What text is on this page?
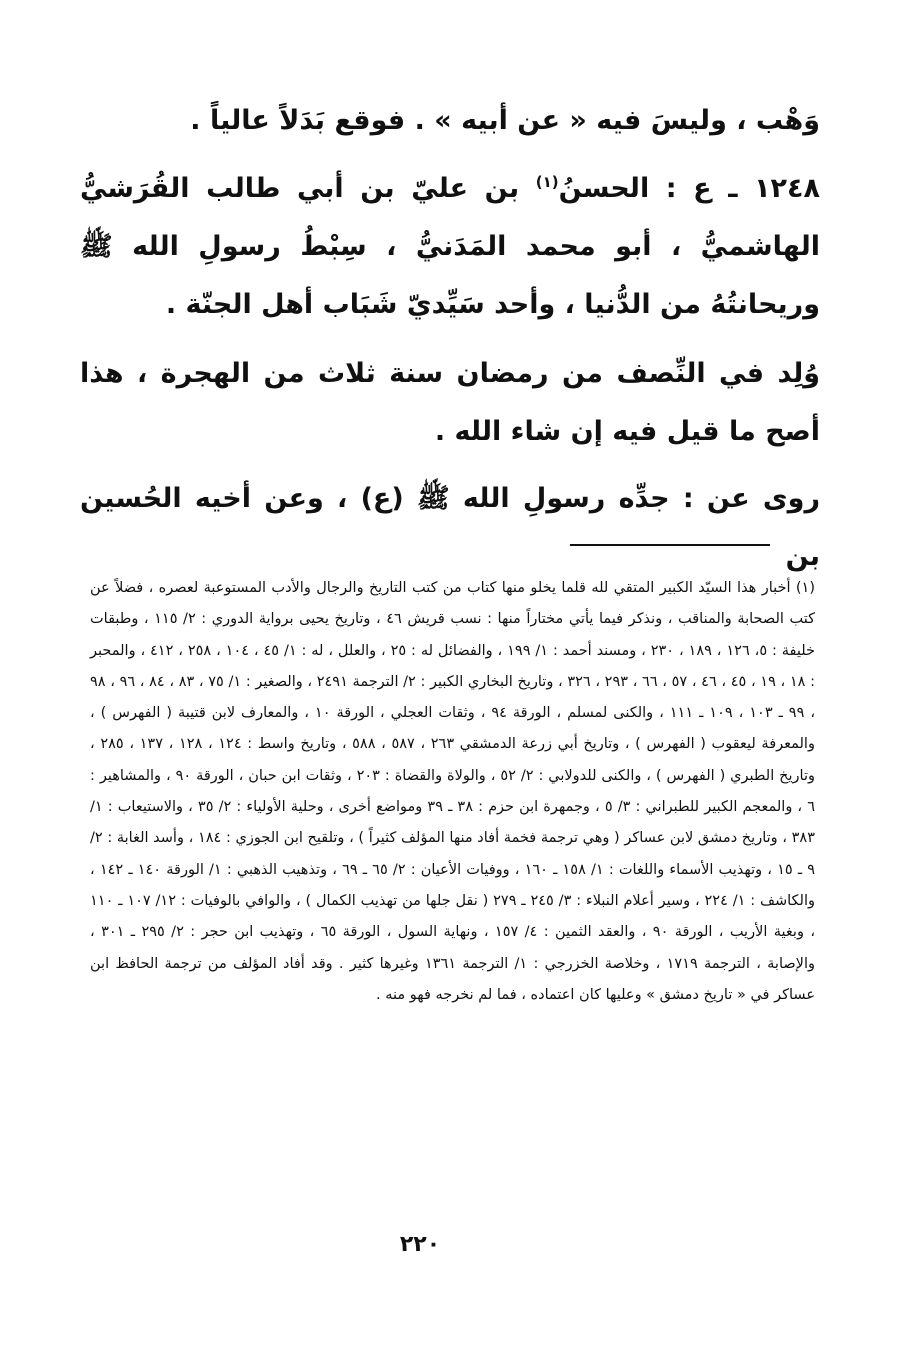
وَهْب ، وليسَ فيه « عن أبيه » . فوقع بَدَلاً عالياً .

١٢٤٨ ـ ع : الحسنُ$^{(١)}$ بن عليّ بن أبي طالب القُرَشيُّ الهاشميُّ ، أبو محمد المَدَنيُّ ، سِبْطُ رسولِ الله ﷺ وريحانتُهُ من الدُّنيا ، وأحد سَيِّديّ شَبَاب أهل الجنّة .

وُلِد في النِّصف من رمضان سنة ثلاث من الهجرة ، هذا أصح ما قيل فيه إن شاء الله .

روى عن : جدِّه رسولِ الله ﷺ (ع) ، وعن أخيه الحُسين بن

(١) أخبار هذا السيّد الكبير المتقي لله قلما يخلو منها كتاب من كتب التاريخ والرجال والأدب المستوعبة لعصره ، فضلاً عن كتب الصحابة والمناقب ، ونذكر فيما يأتي مختاراً منها : نسب قريش ٤٦ ، وتاريخ يحيى برواية الدوري : ٢/ ١١٥ ، وطبقات خليفة : ٥، ١٢٦ ، ١٨٩ ، ٢٣٠ ، ومسند أحمد : ١/ ١٩٩ ، والفضائل له : ٢٥ ، والعلل ، له : ١/ ٤٥ ، ١٠٤ ، ٢٥٨ ، ٤١٢ ، والمحبر : ١٨ ، ١٩ ، ٤٥ ، ٤٦ ، ٥٧ ، ٦٦ ، ٢٩٣ ، ٣٢٦ ، وتاريخ البخاري الكبير : ٢/ الترجمة ٢٤٩١ ، والصغير : ١/ ٧٥ ، ٨٣ ، ٨٤ ، ٩٦ ، ٩٨ ، ٩٩ ـ ١٠٣ ، ١٠٩ ـ ١١١ ، والكنى لمسلم ، الورقة ٩٤ ، وثقات العجلي ، الورقة ١٠ ، والمعارف لابن قتيبة ( الفهرس ) ، والمعرفة ليعقوب ( الفهرس ) ، وتاريخ أبي زرعة الدمشقي ٢٦٣ ، ٥٨٧ ، ٥٨٨ ، وتاريخ واسط : ١٢٤ ، ١٢٨ ، ١٣٧ ، ٢٨٥ ، وتاريخ الطبري ( الفهرس ) ، والكنى للدولابي : ٢/ ٥٢ ، والولاة والقضاة : ٢٠٣ ، وثقات ابن حبان ، الورقة ٩٠ ، والمشاهير : ٦ ، والمعجم الكبير للطبراني : ٣/ ٥ ، وجمهرة ابن حزم : ٣٨ ـ ٣٩ ومواضع أخرى ، وحلية الأولياء : ٢/ ٣٥ ، والاستيعاب : ١/ ٣٨٣ ، وتاريخ دمشق لابن عساكر ( وهي ترجمة فخمة أفاد منها المؤلف كثيراً ) ، وتلقيح ابن الجوزي : ١٨٤ ، وأسد الغابة : ٢/ ٩ ـ ١٥ ، وتهذيب الأسماء واللغات : ١/ ١٥٨ ـ ١٦٠ ، ووفيات الأعيان : ٢/ ٦٥ ـ ٦٩ ، وتذهيب الذهبي : ١/ الورقة ١٤٠ ـ ١٤٢ ، والكاشف : ١/ ٢٢٤ ، وسير أعلام النبلاء : ٣/ ٢٤٥ ـ ٢٧٩ ( نقل جلها من تهذيب الكمال ) ، والوافي بالوفيات : ١٢/ ١٠٧ ـ ١١٠ ، وبغية الأريب ، الورقة ٩٠ ، والعقد الثمين : ٤/ ١٥٧ ، ونهاية السول ، الورقة ٦٥ ، وتهذيب ابن حجر : ٢/ ٢٩٥ ـ ٣٠١ ، والإصابة ، الترجمة ١٧١٩ ، وخلاصة الخزرجي : ١/ الترجمة ١٣٦١ وغيرها كثير . وقد أفاد المؤلف من ترجمة الحافظ ابن عساكر في « تاريخ دمشق » وعليها كان اعتماده ، فما لم نخرجه فهو منه .

٢٢٠
